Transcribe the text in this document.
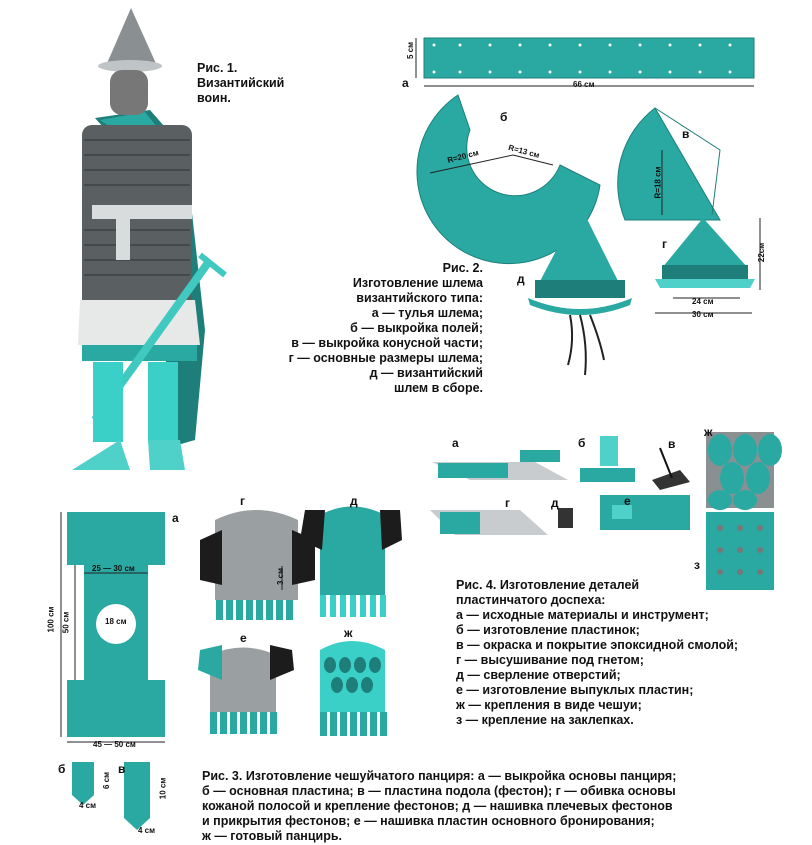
Рис. 1.
Византийский
воин.
а
б
в
г
д
5 см
66 см
R=20 см	R=13 см
R=18 см
22см
24 см
30 см
Рис. 2.
Изготовление шлема
византийского типа:
а — тулья шлема;
б — выкройка полей;
в — выкройка конусной части;
г — основные размеры шлема;
д — византийский
шлем в сборе.
а	б	в
ж
г	д	е
з
Рис. 4. Изготовление деталей
пластинчатого доспеха:
а — исходные материалы и инструмент;
б — изготовление пластинок;
в — окраска и покрытие эпоксидной смолой;
г — высушивание под гнетом;
д — сверление отверстий;
е — изготовление выпуклых пластин;
ж — крепления в виде чешуи;
з — крепление на заклепках.
а
б	в
г	д
е	ж
100 см 50 см
25 — 30 см
18 см
45 — 50 см
3 см
6 см
4 см
10 см
4 см
Рис. 3. Изготовление чешуйчатого панциря: а — выкройка основы панциря;
б — основная пластина; в — пластина подола (фестон); г — обивка основы
кожаной полосой и крепление фестонов; д — нашивка плечевых фестонов
и прикрытия фестонов; е — нашивка пластин основного бронирования;
ж — готовый панцирь.
